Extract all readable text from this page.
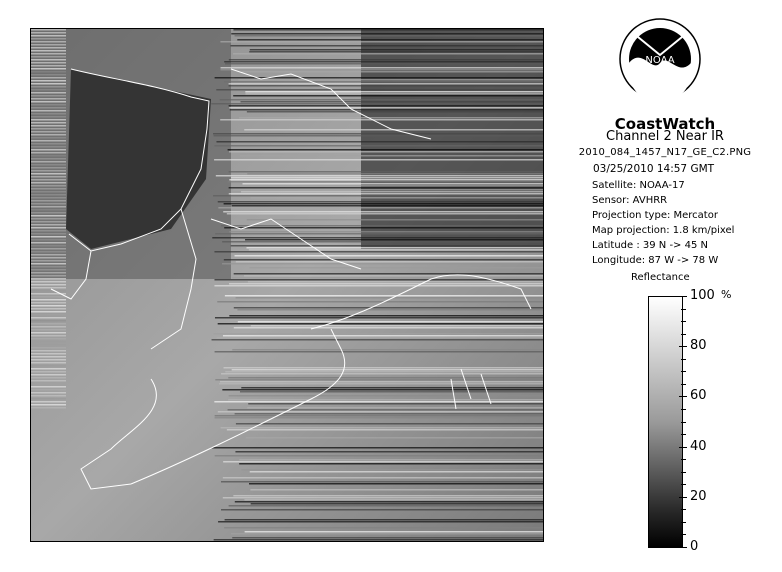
NOAA
CoastWatch
Channel 2 Near IR
2010_084_1457_N17_GE_C2.PNG
03/25/2010 14:57 GMT
Satellite: NOAA-17
Sensor: AVHRR
Projection type: Mercator
Map projection: 1.8 km/pixel
Latitude : 39 N -> 45 N
Longitude: 87 W -> 78 W
Reflectance
%
100
80
60
40
20
0
